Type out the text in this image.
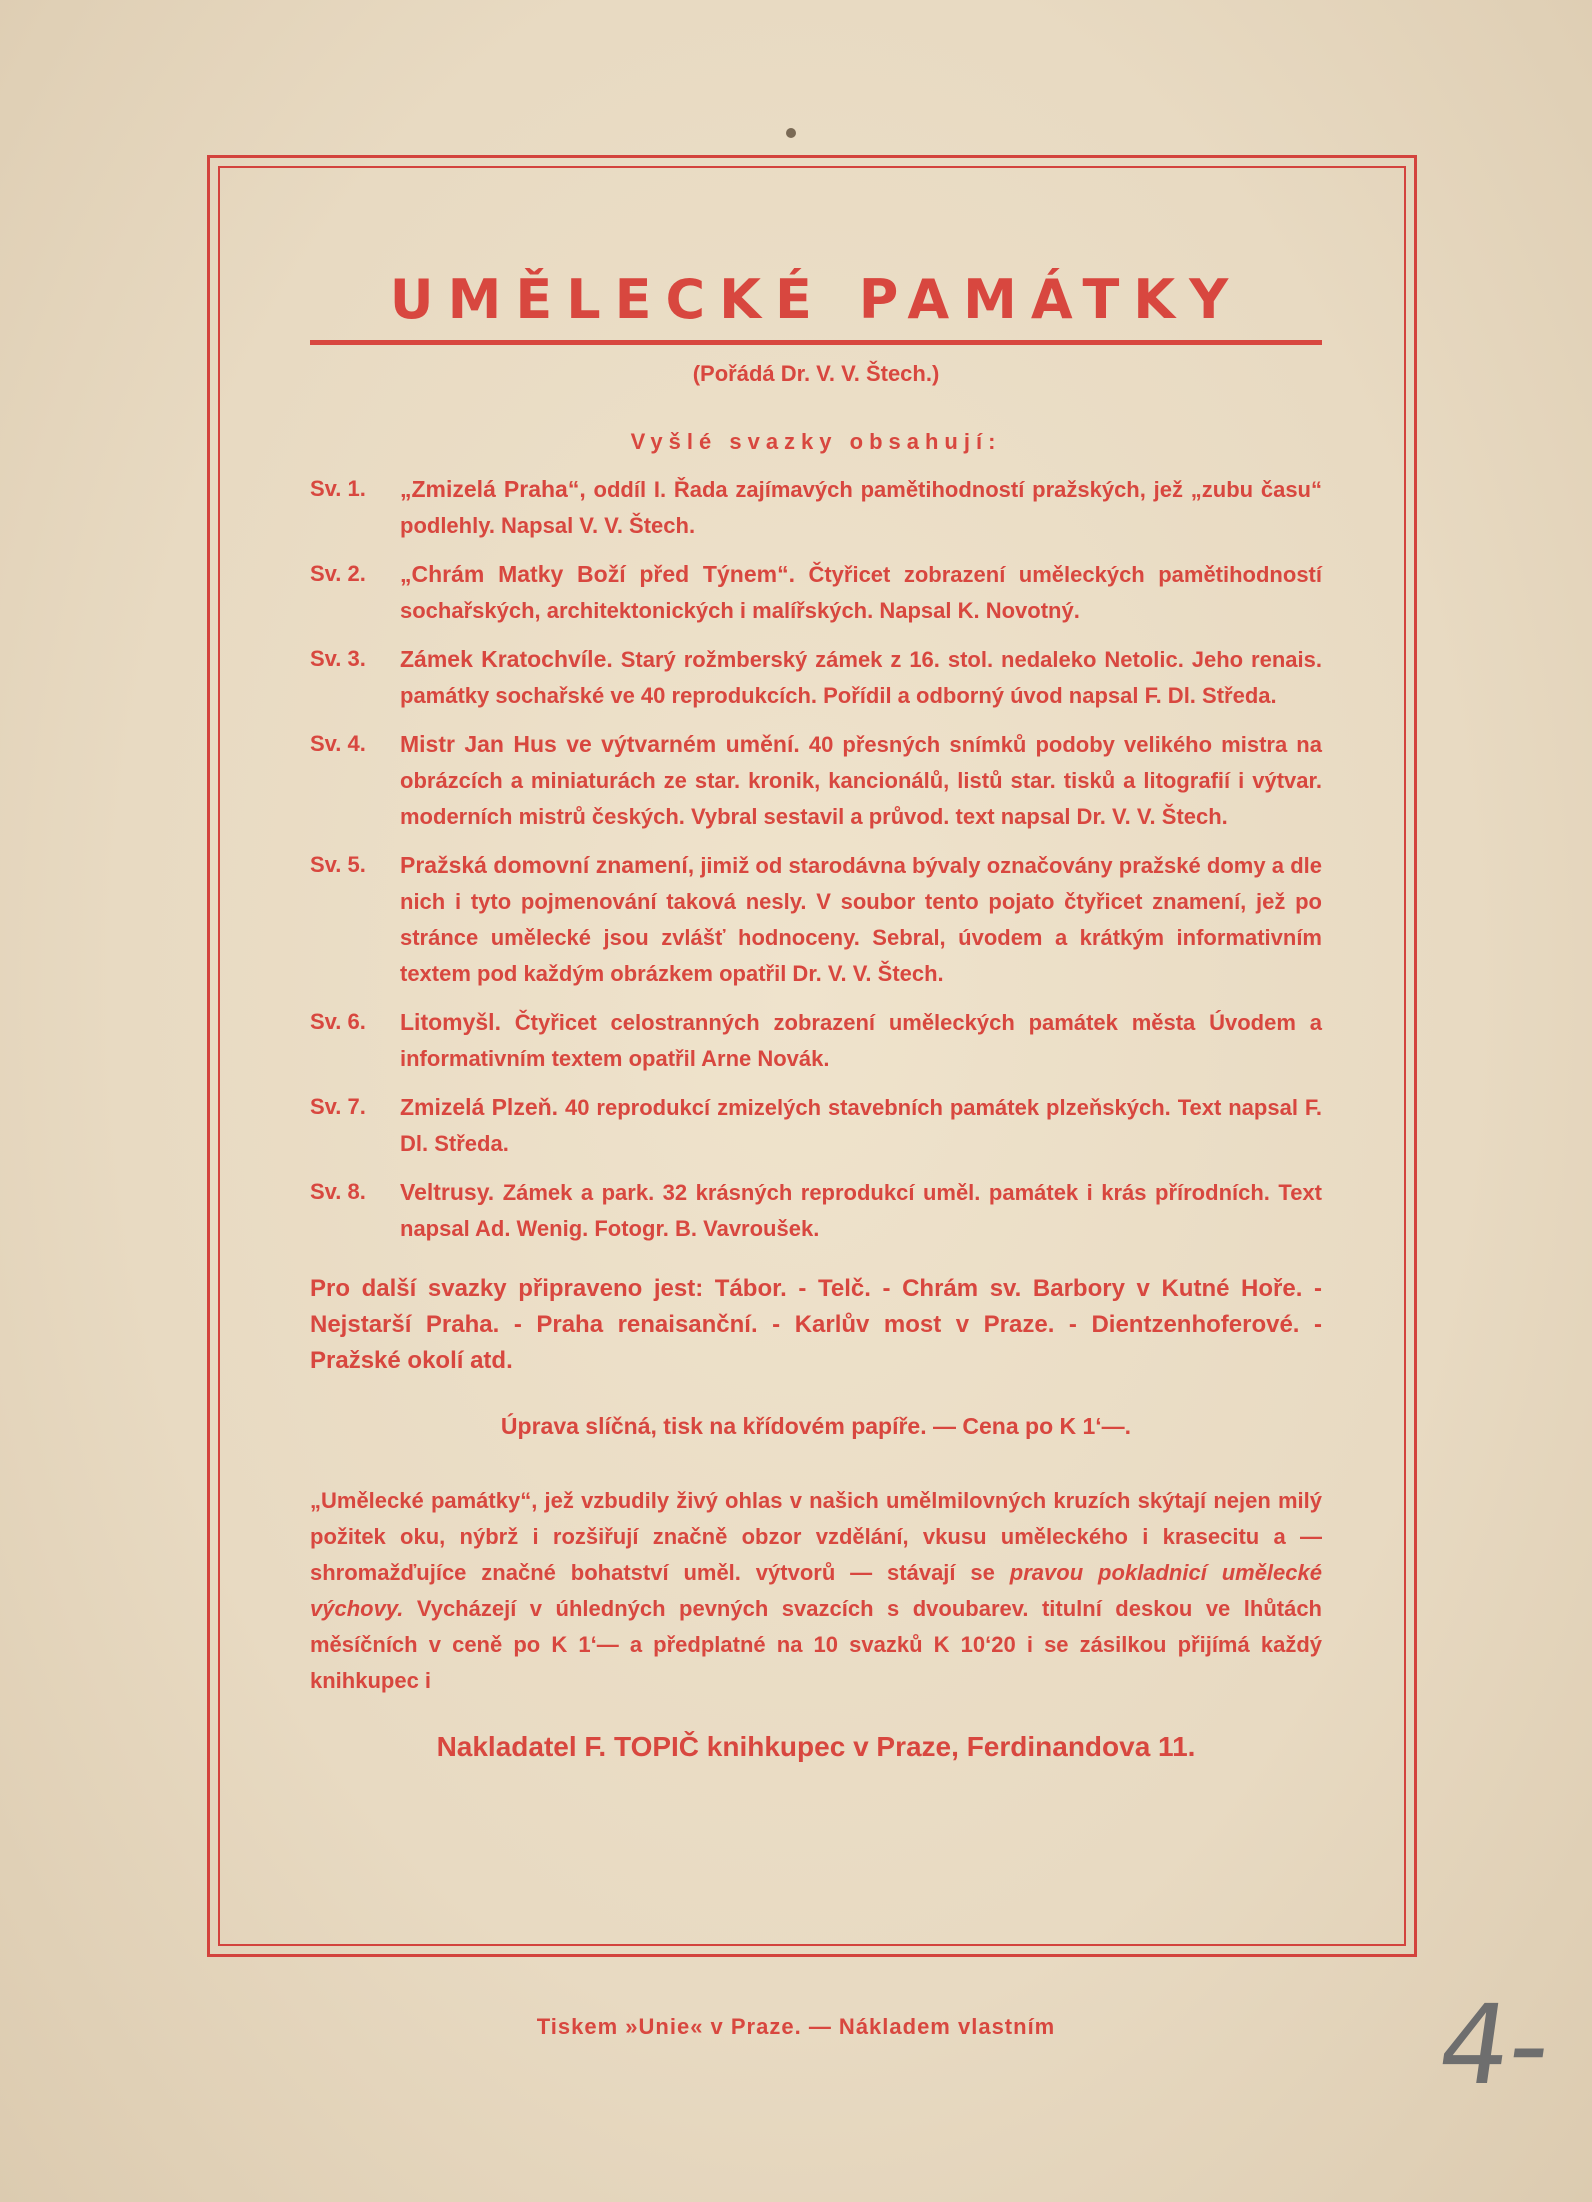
UMĚLECKÉ PAMÁTKY
(Pořádá Dr. V. V. Štech.)
Vyšlé svazky obsahují:
Sv. 1.	„Zmizelá Praha“, oddíl I. Řada zajímavých pamětihodností pražských, jež „zubu času“ podlehly. Napsal V. V. Štech.
Sv. 2.	„Chrám Matky Boží před Týnem“. Čtyřicet zobrazení uměleckých pamětihodností sochařských, architektonických i malířských. Napsal K. Novotný.
Sv. 3.	Zámek Kratochvíle. Starý rožmberský zámek z 16. stol. nedaleko Netolic. Jeho renais. památky sochařské ve 40 reprodukcích. Pořídil a odborný úvod napsal F. Dl. Středa.
Sv. 4.	Mistr Jan Hus ve výtvarném umění. 40 přesných snímků podoby velikého mistra na obrázcích a miniaturách ze star. kronik, kancionálů, listů star. tisků a litografií i výtvar. moderních mistrů českých. Vybral sestavil a průvod. text napsal Dr. V. V. Štech.
Sv. 5.	Pražská domovní znamení, jimiž od starodávna bývaly označovány pražské domy a dle nich i tyto pojmenování taková nesly. V soubor tento pojato čtyřicet znamení, jež po stránce umělecké jsou zvlášť hodnoceny. Sebral, úvodem a krátkým informativním textem pod každým obrázkem opatřil Dr. V. V. Štech.
Sv. 6.	Litomyšl. Čtyřicet celostranných zobrazení uměleckých památek města Úvodem a informativním textem opatřil Arne Novák.
Sv. 7.	Zmizelá Plzeň. 40 reprodukcí zmizelých stavebních památek plzeňských. Text napsal F. Dl. Středa.
Sv. 8.	Veltrusy. Zámek a park. 32 krásných reprodukcí uměl. památek i krás přírodních. Text napsal Ad. Wenig. Fotogr. B. Vavroušek.
Pro další svazky připraveno jest: Tábor. - Telč. - Chrám sv. Barbory v Kutné Hoře. - Nejstarší Praha. - Praha renaisanční. - Karlův most v Praze. - Dientzenhoferové. - Pražské okolí atd.
Úprava slíčná, tisk na křídovém papíře. — Cena po K 1‘—.
„Umělecké památky“, jež vzbudily živý ohlas v našich umělmilovných kruzích skýtají nejen milý požitek oku, nýbrž i rozšiřují značně obzor vzdělání, vkusu uměleckého i krasecitu a — shromažďujíce značné bohatství uměl. výtvorů — stávají se pravou pokladnicí umělecké výchovy. Vycházejí v úhledných pevných svazcích s dvoubarev. titulní deskou ve lhůtách měsíčních v ceně po K 1‘— a předplatné na 10 svazků K 10‘20 i se zásilkou přijímá každý knihkupec i
Nakladatel F. TOPIČ knihkupec v Praze, Ferdinandova 11.
Tiskem »Unie« v Praze. — Nákladem vlastním	4-
